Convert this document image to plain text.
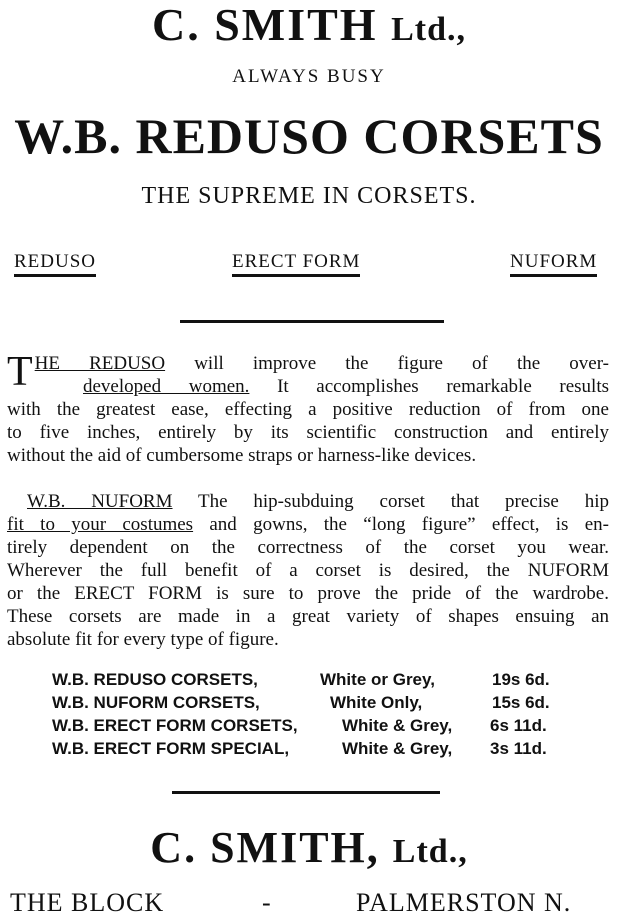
C. SMITH Ltd.,
ALWAYS BUSY
W.B. REDUSO CORSETS
THE SUPREME IN CORSETS.
REDUSO	ERECT FORM	NUFORM
T HE REDUSO will improve the figure of the over-
developed women. It accomplishes remarkable results
with the greatest ease, effecting a positive reduction of from one
to five inches, entirely by its scientific construction and entirely
without the aid of cumbersome straps or harness-like devices.
W.B. NUFORM The hip-subduing corset that precise hip
fit to your costumes and gowns, the “long figure” effect, is en-
tirely dependent on the correctness of the corset you wear.
Wherever the full benefit of a corset is desired, the NUFORM
or the ERECT FORM is sure to prove the pride of the wardrobe.
These corsets are made in a great variety of shapes ensuing an
absolute fit for every type of figure.
W.B. REDUSO CORSETS,	White or Grey,	19s 6d.
W.B. NUFORM CORSETS,	White Only,	15s 6d.
W.B. ERECT FORM CORSETS,	White & Grey, 6s 11d.
W.B. ERECT FORM SPECIAL,	White & Grey, 3s 11d.
C. SMITH, Ltd.,
THE BLOCK	-	PALMERSTON N.
